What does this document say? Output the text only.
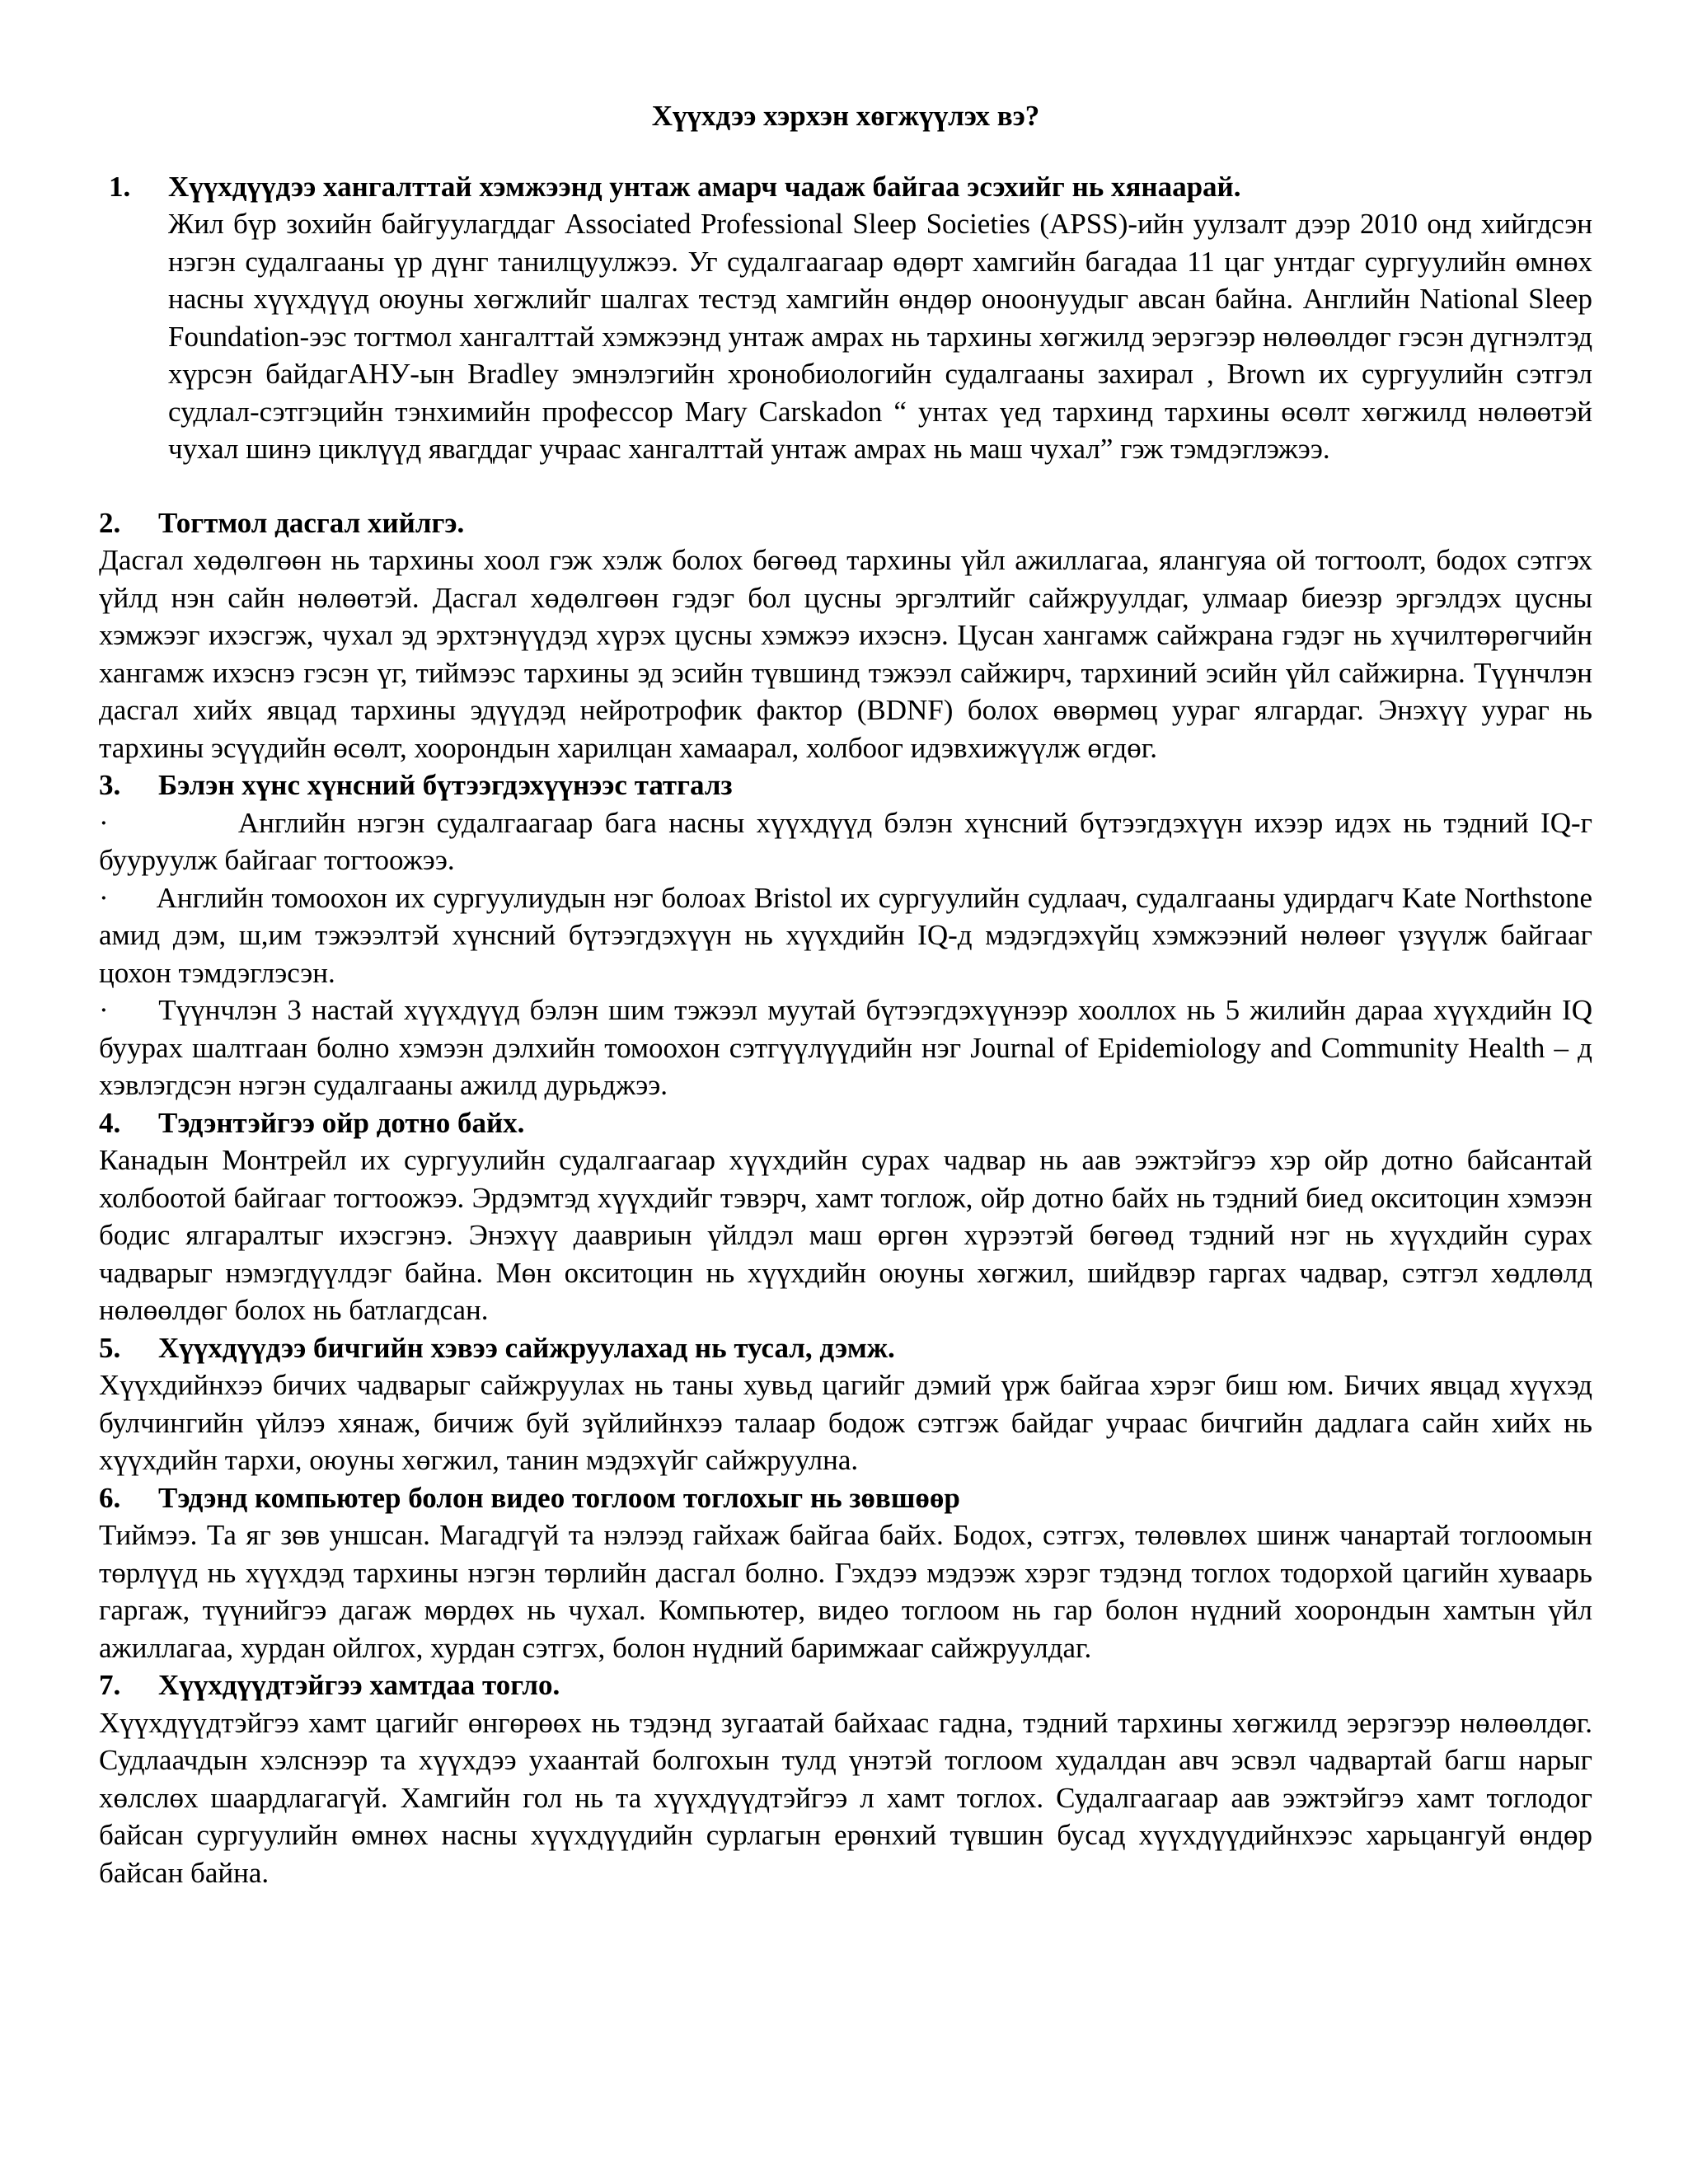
Хүүхдээ хэрхэн хөгжүүлэх вэ?
1.	Хүүхдүүдээ хангалттай хэмжээнд унтаж амарч чадаж байгаа эсэхийг нь хянаарай.

Жил бүр зохийн байгуулагддаг Associated Professional Sleep Societies (APSS)-ийн уулзалт дээр 2010 онд хийгдсэн нэгэн судалгааны үр дүнг танилцуулжээ. Уг судалгаагаар өдөрт хамгийн багадаа 11 цаг унтдаг сургуулийн өмнөх насны хүүхдүүд оюуны хөгжлийг шалгах тестэд хамгийн өндөр оноонуудыг авсан байна. Английн National Sleep Foundation-ээс тогтмол хангалттай хэмжээнд унтаж амрах нь тархины хөгжилд эерэгээр нөлөөлдөг гэсэн дүгнэлтэд хүрсэн байдагАНУ-ын Bradley эмнэлэгийн хронобиологийн судалгааны захирал , Brown их сургуулийн сэтгэл судлал-сэтгэцийн тэнхимийн профессор Mary Carskadon “ унтах үед тархинд тархины өсөлт хөгжилд нөлөөтэй чухал шинэ циклүүд явагддаг учраас хангалттай унтаж амрах нь маш чухал” гэж тэмдэглэжээ.

2.	Тогтмол дасгал хийлгэ.

Дасгал хөдөлгөөн нь тархины хоол гэж хэлж болох бөгөөд тархины үйл ажиллагаа, ялангуяа ой тогтоолт, бодох сэтгэх үйлд нэн сайн нөлөөтэй. Дасгал хөдөлгөөн гэдэг бол цусны эргэлтийг сайжруулдаг, улмаар биеэзр эргэлдэх цусны хэмжээг ихэсгэж, чухал эд эрхтэнүүдэд хүрэх цусны хэмжээ ихэснэ. Цусан хангамж сайжрана гэдэг нь хүчилтөрөгчийн хангамж ихэснэ гэсэн үг, тиймээс тархины эд эсийн түвшинд тэжээл сайжирч, тархиний эсийн үйл сайжирна. Түүнчлэн дасгал хийх явцад тархины эдүүдэд нейротрофик фактор (BDNF) болох өвөрмөц уураг ялгардаг. Энэхүү уураг нь тархины эсүүдийн өсөлт, хоорондын харилцан хамаарал, холбоог идэвхижүүлж өгдөг.

3.	Бэлэн хүнс хүнсний бүтээгдэхүүнээс татгалз

·           Английн нэгэн судалгаагаар бага насны хүүхдүүд бэлэн хүнсний бүтээгдэхүүн ихээр идэх нь тэдний IQ-г бууруулж байгааг тогтоожээ.

·      Английн томоохон их сургуулиудын нэг болоах Bristol их сургуулийн судлаач, судалгааны удирдагч Kate Northstone амид дэм, ш,им тэжээлтэй хүнсний бүтээгдэхүүн нь хүүхдийн IQ-д мэдэгдэхүйц хэмжээний нөлөөг үзүүлж байгааг цохон тэмдэглэсэн.

·     Түүнчлэн 3 настай хүүхдүүд бэлэн шим тэжээл муутай бүтээгдэхүүнээр хооллох нь 5 жилийн дараа хүүхдийн IQ буурах шалтгаан болно хэмээн дэлхийн томоохон сэтгүүлүүдийн нэг Journal of Epidemiology and Community Health – д хэвлэгдсэн нэгэн судалгааны ажилд дурьджээ.

4.	Тэдэнтэйгээ ойр дотно байх.

Канадын Монтрейл их сургуулийн судалгаагаар хүүхдийн сурах чадвар нь аав ээжтэйгээ хэр ойр дотно байсантай холбоотой байгааг тогтоожээ. Эрдэмтэд хүүхдийг тэвэрч, хамт тоглож, ойр дотно байх нь тэдний биед окситоцин хэмээн бодис ялгаралтыг ихэсгэнэ. Энэхүү даавриын үйлдэл маш өргөн хүрээтэй бөгөөд тэдний нэг нь хүүхдийн сурах чадварыг нэмэгдүүлдэг байна. Мөн окситоцин нь хүүхдийн оюуны хөгжил, шийдвэр гаргах чадвар, сэтгэл хөдлөлд нөлөөлдөг болох нь батлагдсан.

5.	Хүүхдүүдээ бичгийн хэвээ сайжруулахад нь тусал, дэмж.

Хүүхдийнхээ бичих чадварыг сайжруулах нь таны хувьд цагийг дэмий үрж байгаа хэрэг биш юм. Бичих явцад хүүхэд булчингийн үйлээ хянаж, бичиж буй зүйлийнхээ талаар бодож сэтгэж байдаг учраас бичгийн дадлага сайн хийх нь хүүхдийн тархи, оюуны хөгжил, танин мэдэхүйг сайжруулна.

6.	Тэдэнд компьютер болон видео тоглоом тоглохыг нь зөвшөөр

Тиймээ. Та яг зөв уншсан. Магадгүй та нэлээд гайхаж байгаа байх. Бодох, сэтгэх, төлөвлөх шинж чанартай тоглоомын төрлүүд нь хүүхдэд тархины нэгэн төрлийн дасгал болно. Гэхдээ мэдээж хэрэг тэдэнд тоглох тодорхой цагийн хуваарь гаргаж, түүнийгээ дагаж мөрдөх нь чухал. Компьютер, видео тоглоом нь гар болон нүдний хоорондын хамтын үйл ажиллагаа, хурдан ойлгох, хурдан сэтгэх, болон нүдний баримжааг сайжруулдаг.

7.	Хүүхдүүдтэйгээ хамтдаа тогло.

Хүүхдүүдтэйгээ хамт цагийг өнгөрөөх нь тэдэнд зугаатай байхаас гадна, тэдний тархины хөгжилд эерэгээр нөлөөлдөг. Судлаачдын хэлснээр та хүүхдээ ухаантай болгохын тулд үнэтэй тоглоом худалдан авч эсвэл чадвартай багш нарыг хөлслөх шаардлагагүй. Хамгийн гол нь та хүүхдүүдтэйгээ л хамт тоглох. Судалгаагаар аав ээжтэйгээ хамт тоглодог байсан сургуулийн өмнөх насны хүүхдүүдийн сурлагын ерөнхий түвшин бусад хүүхдүүдийнхээс харьцангуй өндөр байсан байна.
